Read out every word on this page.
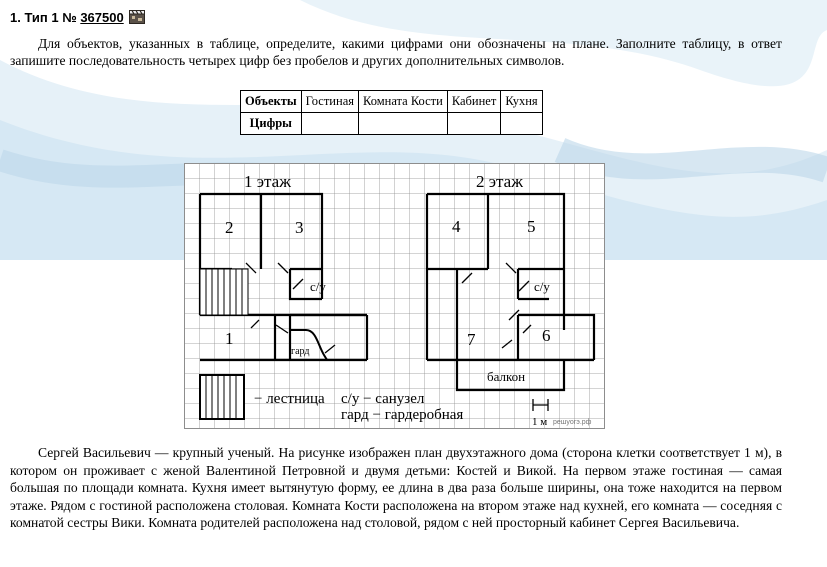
1. Тип 1 № 367500
Для объектов, указанных в таблице, определите, какими цифрами они обозначены на плане. Заполните таблицу, в ответ запишите последовательность четырех цифр без пробелов и других дополнительных символов.
Объекты	Гостиная	Комната Кости	Кабинет	Кухня
Цифры				
1 этаж	2 этаж
2	3
1
4	5
6
7
с/у	с/у
балкон
гард
− лестница с/у − санузел
гард − гардеробная	1 м решуогэ.рф
Сергей Васильевич — крупный ученый. На рисунке изображен план двухэтажного дома (сторона клетки соответствует 1 м), в котором он проживает с женой Валентиной Петровной и двумя детьми: Костей и Викой. На первом этаже гостиная — самая большая по площади комната. Кухня имеет вытянутую форму, ее длина в два раза больше ширины, она тоже находится на первом этаже. Рядом с гостиной расположена столовая. Комната Кости расположена на втором этаже над кухней, его комната — соседняя с комнатой сестры Вики. Комната родителей расположена над столовой, рядом с ней просторный кабинет Сергея Васильевича.
